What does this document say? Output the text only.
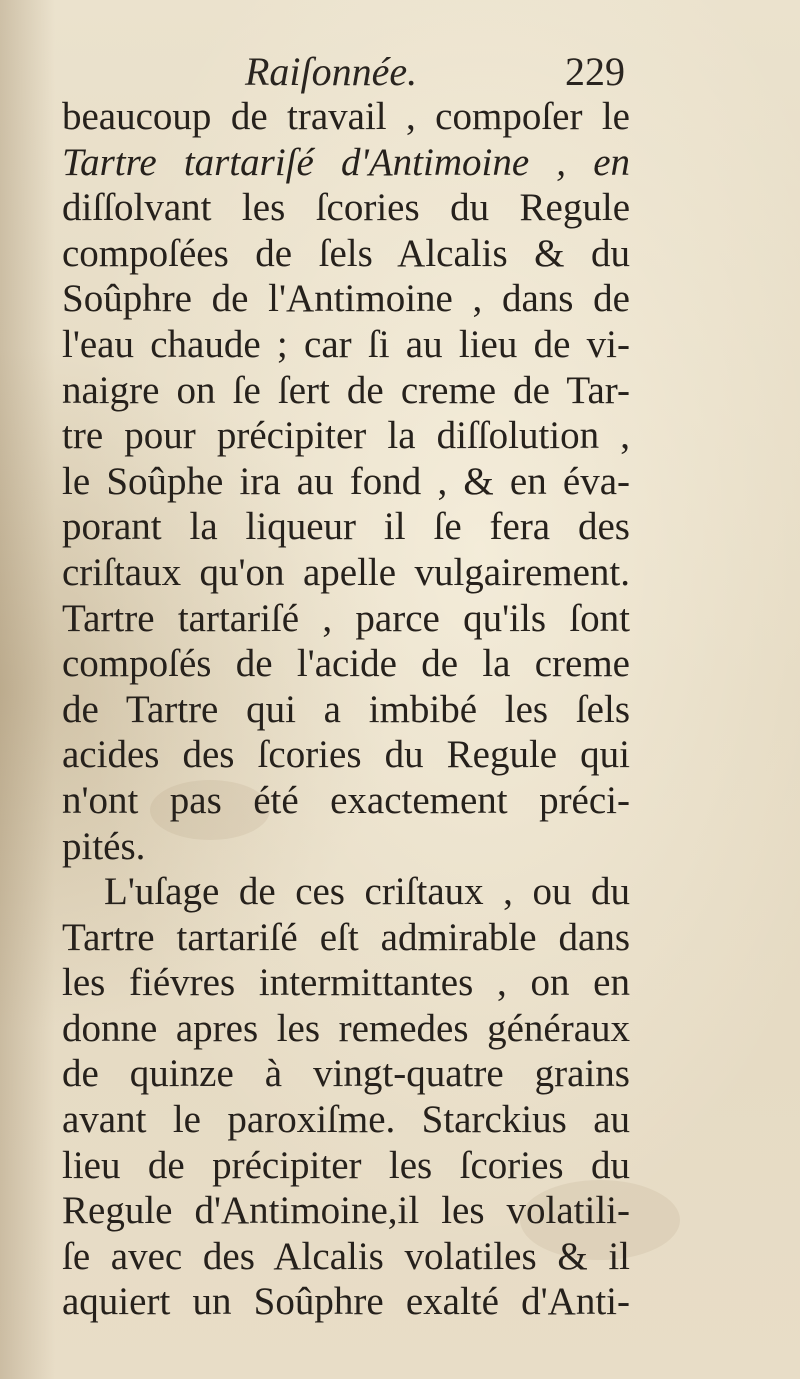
Raiſonnée.	229
beaucoup de travail , compoſer le
Tartre tartariſé d'Antimoine , en
diſſolvant les ſcories du Regule
compoſées de ſels Alcalis & du
Soûphre de l'Antimoine , dans de
l'eau chaude ; car ſi au lieu de vi-
naigre on ſe ſert de creme de Tar-
tre pour précipiter la diſſolution ,
le Soûphe ira au fond , & en éva-
porant la liqueur il ſe fera des
criſtaux qu'on apelle vulgairement.
Tartre tartariſé , parce qu'ils ſont
compoſés de l'acide de la creme
de Tartre qui a imbibé les ſels
acides des ſcories du Regule qui
n'ont pas été exactement préci-
pités.
L'uſage de ces criſtaux , ou du
Tartre tartariſé eſt admirable dans
les fiévres intermittantes , on en
donne apres les remedes généraux
de quinze à vingt-quatre grains
avant le paroxiſme. Starckius au
lieu de précipiter les ſcories du
Regule d'Antimoine,il les volatili-
ſe avec des Alcalis volatiles & il
aquiert un Soûphre exalté d'Anti-
